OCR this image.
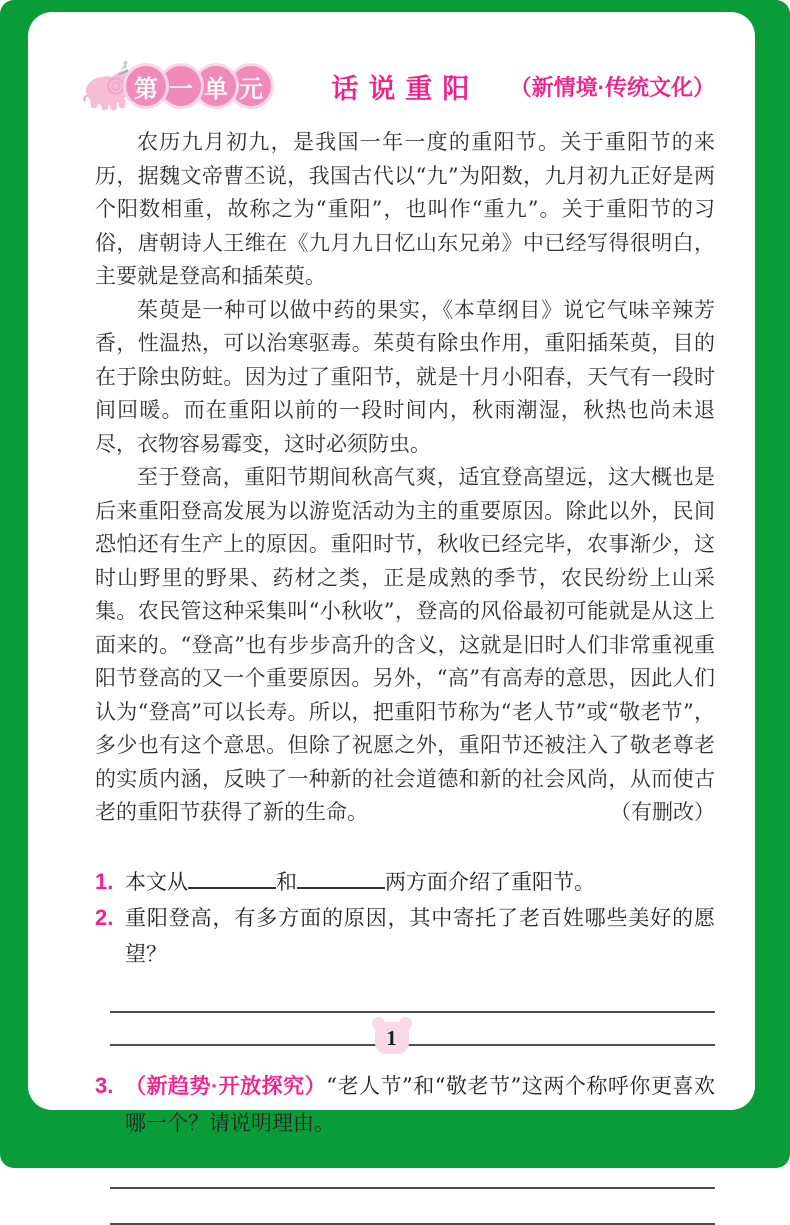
第 一 单 元	话说重阳 （新情境·传统文化）
农历九月初九，是我国一年一度的重阳节。关于重阳节的来历，据魏文帝曹丕说，我国古代以“九”为阳数，九月初九正好是两个阳数相重，故称之为“重阳”，也叫作“重九”。关于重阳节的习俗，唐朝诗人王维在《九月九日忆山东兄弟》中已经写得很明白，主要就是登高和插茱萸。
茱萸是一种可以做中药的果实，《本草纲目》说它气味辛辣芳香，性温热，可以治寒驱毒。茱萸有除虫作用，重阳插茱萸，目的在于除虫防蛀。因为过了重阳节，就是十月小阳春，天气有一段时间回暖。而在重阳以前的一段时间内，秋雨潮湿，秋热也尚未退尽，衣物容易霉变，这时必须防虫。
至于登高，重阳节期间秋高气爽，适宜登高望远，这大概也是后来重阳登高发展为以游览活动为主的重要原因。除此以外，民间恐怕还有生产上的原因。重阳时节，秋收已经完毕，农事渐少，这时山野里的野果、药材之类，正是成熟的季节，农民纷纷上山采集。农民管这种采集叫“小秋收”，登高的风俗最初可能就是从这上面来的。“登高”也有步步高升的含义，这就是旧时人们非常重视重阳节登高的又一个重要原因。另外，“高”有高寿的意思，因此人们认为“登高”可以长寿。所以，把重阳节称为“老人节”或“敬老节”，多少也有这个意思。但除了祝愿之外，重阳节还被注入了敬老尊老的实质内涵，反映了一种新的社会道德和新的社会风尚，从而使古老的重阳节获得了新的生命。	（有删改）
1. 本文从	和	两方面介绍了重阳节。
2. 重阳登高，有多方面的原因，其中寄托了老百姓哪些美好的愿望？
3. （新趋势·开放探究）“老人节”和“敬老节”这两个称呼你更喜欢哪一个？请说明理由。
1
